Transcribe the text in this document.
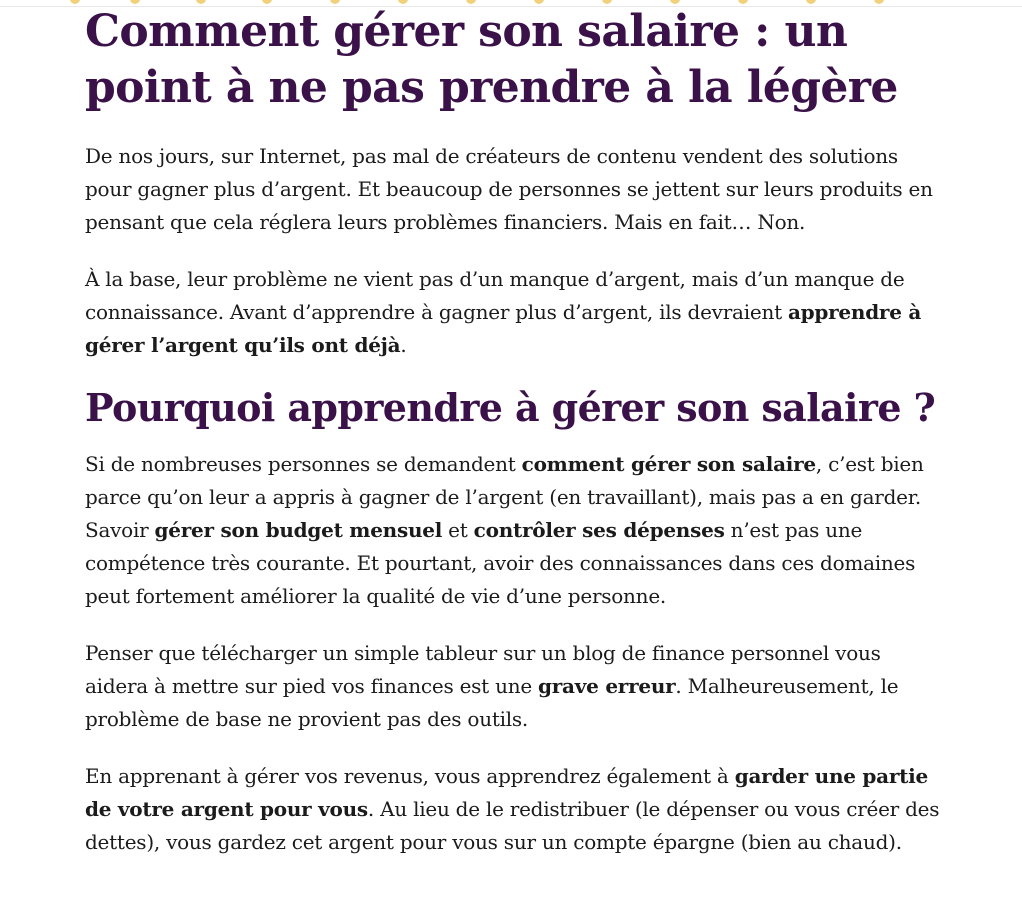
Comment gérer son salaire : un point à ne pas prendre à la légère

De nos jours, sur Internet, pas mal de créateurs de contenu vendent des solutions pour gagner plus d’argent. Et beaucoup de personnes se jettent sur leurs produits en pensant que cela réglera leurs problèmes financiers. Mais en fait… Non.

À la base, leur problème ne vient pas d’un manque d’argent, mais d’un manque de connaissance. Avant d’apprendre à gagner plus d’argent, ils devraient apprendre à gérer l’argent qu’ils ont déjà.

Pourquoi apprendre à gérer son salaire ?

Si de nombreuses personnes se demandent comment gérer son salaire, c’est bien parce qu’on leur a appris à gagner de l’argent (en travaillant), mais pas a en garder. Savoir gérer son budget mensuel et contrôler ses dépenses n’est pas une compétence très courante. Et pourtant, avoir des connaissances dans ces domaines peut fortement améliorer la qualité de vie d’une personne.

Penser que télécharger un simple tableur sur un blog de finance personnel vous aidera à mettre sur pied vos finances est une grave erreur. Malheureusement, le problème de base ne provient pas des outils.

En apprenant à gérer vos revenus, vous apprendrez également à garder une partie de votre argent pour vous. Au lieu de le redistribuer (le dépenser ou vous créer des dettes), vous gardez cet argent pour vous sur un compte épargne (bien au chaud).
